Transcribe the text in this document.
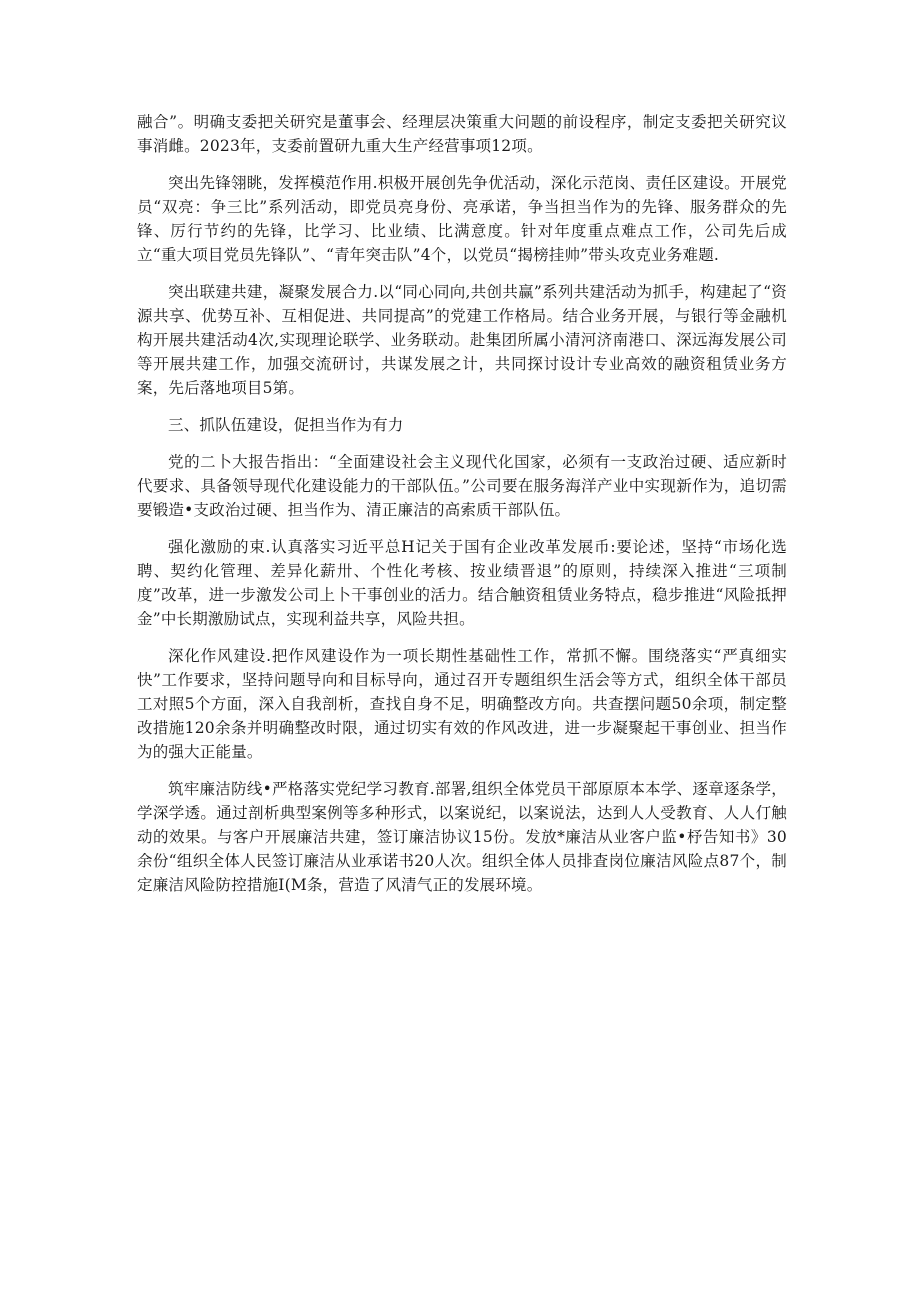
融合”。明确支委把关研究是董事会、经理层决策重大问题的前设程序，制定支委把关研究议事消雌。2023年，支委前置研九重大生产经营事项12项。

突出先锋翎眺，发挥模范作用.枳极开展创先争优活动，深化示范岗、责任区建设。开展党员“双亮：争三比”系列活动，即党员亮身份、亮承诺，争当担当作为的先锋、服务群众的先锋、厉行节约的先锋，比学习、比业绩、比满意度。针对年度重点难点工作，公司先后成立“重大项目党员先锋队”、“青年突击队”4个，以党员“揭榜挂帅”带头攻克业务难题.

突出联建共建，凝聚发展合力.以“同心同向,共创共赢”系列共建活动为抓手，构建起了“资源共享、优势互补、互相促进、共同提高”的党建工作格局。结合业务开展，与银行等金融机构开展共建活动4次,实现理论联学、业务联动。赴集团所属小清河济南港口、深远海发展公司等开展共建工作，加强交流研讨，共谋发展之计，共同探讨设计专业高效的融资租赁业务方案，先后落地项目5第。

三、抓队伍建设，促担当作为有力

党的二卜大报告指出：“全面建设社会主义现代化国家，必须有一支政治过硬、适应新时代要求、具备领导现代化建设能力的干部队伍。”公司要在服务海洋产业中实现新作为，追切需要锻造•支政治过硬、担当作为、清正廉洁的高索质干部队伍。

强化激励的束.认真落实习近平总H记关于国有企业改革发展币:要论述，坚持“市场化选聘、契约化管理、差异化薪卅、个性化考核、按业绩晋退”的原则，持续深入推进“三项制度”改革，进一步激发公司上卜干事创业的活力。结合触资租赁业务特点，稳步推进“风险抵押金”中长期激励试点，实现利益共享，风险共担。

深化作风建设.把作风建设作为一项长期性基础性工作，常抓不懈。围绕落实“严真细实快”工作要求，坚持问题导向和目标导向，通过召开专题组织生活会等方式，组织全体干部员工对照5个方面，深入自我剖析，查找自身不足，明确整改方向。共查摆问题50余项，制定整改措施120余条并明确整改时限，通过切实有效的作风改进，进一步凝聚起干事创业、担当作为的强大正能量。

筑牢廉洁防线•严格落实党纪学习教育.部署,组织全体党员干部原原本本学、逐章逐条学，学深学透。通过剖析典型案例等多种形式，以案说纪，以案说法，达到人人受教育、人人仃触动的效果。与客户开展廉洁共建，签订廉洁协议15份。发放*廉洁从业客户监•杼告知书》30余份“组织全体人民签订廉洁从业承诺书20人次。组织全体人员排査岗位廉洁风险点87个，制定廉洁风险防控措施I(M条，营造了风清气正的发展环境。
